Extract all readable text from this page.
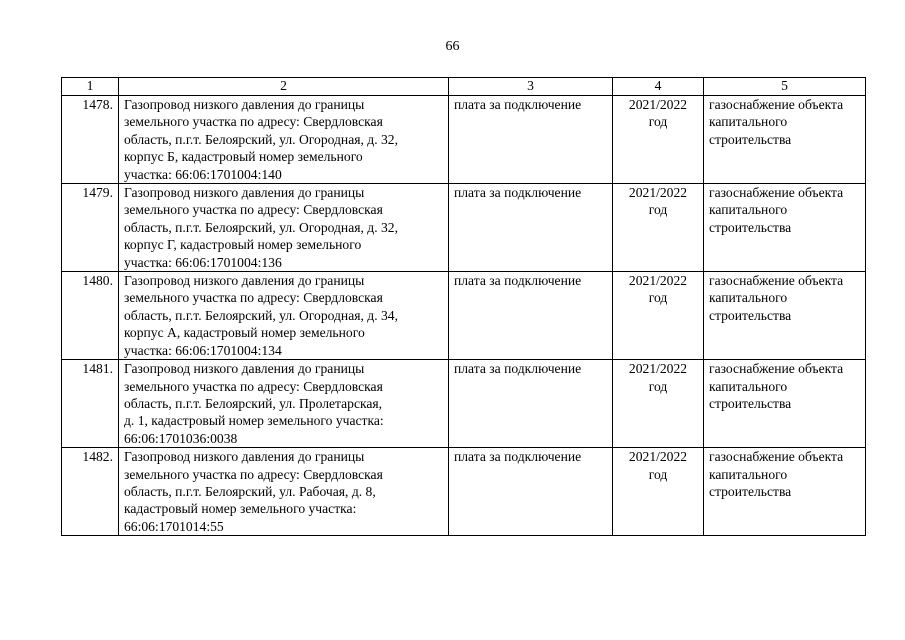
66
1	2	3	4	5
1478.	Газопровод низкого давления до границы
земельного участка по адресу: Свердловская
область, п.г.т. Белоярский, ул. Огородная, д. 32,
корпус Б, кадастровый номер земельного
участка: 66:06:1701004:140	плата за подключение	2021/2022
год	газоснабжение объекта
капитального
строительства

1479.	Газопровод низкого давления до границы
земельного участка по адресу: Свердловская
область, п.г.т. Белоярский, ул. Огородная, д. 32,
корпус Г, кадастровый номер земельного
участка: 66:06:1701004:136	плата за подключение	2021/2022
год	газоснабжение объекта
капитального
строительства

1480.	Газопровод низкого давления до границы
земельного участка по адресу: Свердловская
область, п.г.т. Белоярский, ул. Огородная, д. 34,
корпус А, кадастровый номер земельного
участка: 66:06:1701004:134	плата за подключение	2021/2022
год	газоснабжение объекта
капитального
строительства

1481.	Газопровод низкого давления до границы
земельного участка по адресу: Свердловская
область, п.г.т. Белоярский, ул. Пролетарская,
д. 1, кадастровый номер земельного участка:
66:06:1701036:0038	плата за подключение	2021/2022
год	газоснабжение объекта
капитального
строительства

1482.	Газопровод низкого давления до границы
земельного участка по адресу: Свердловская
область, п.г.т. Белоярский, ул. Рабочая, д. 8,
кадастровый номер земельного участка:
66:06:1701014:55	плата за подключение	2021/2022
год	газоснабжение объекта
капитального
строительства
